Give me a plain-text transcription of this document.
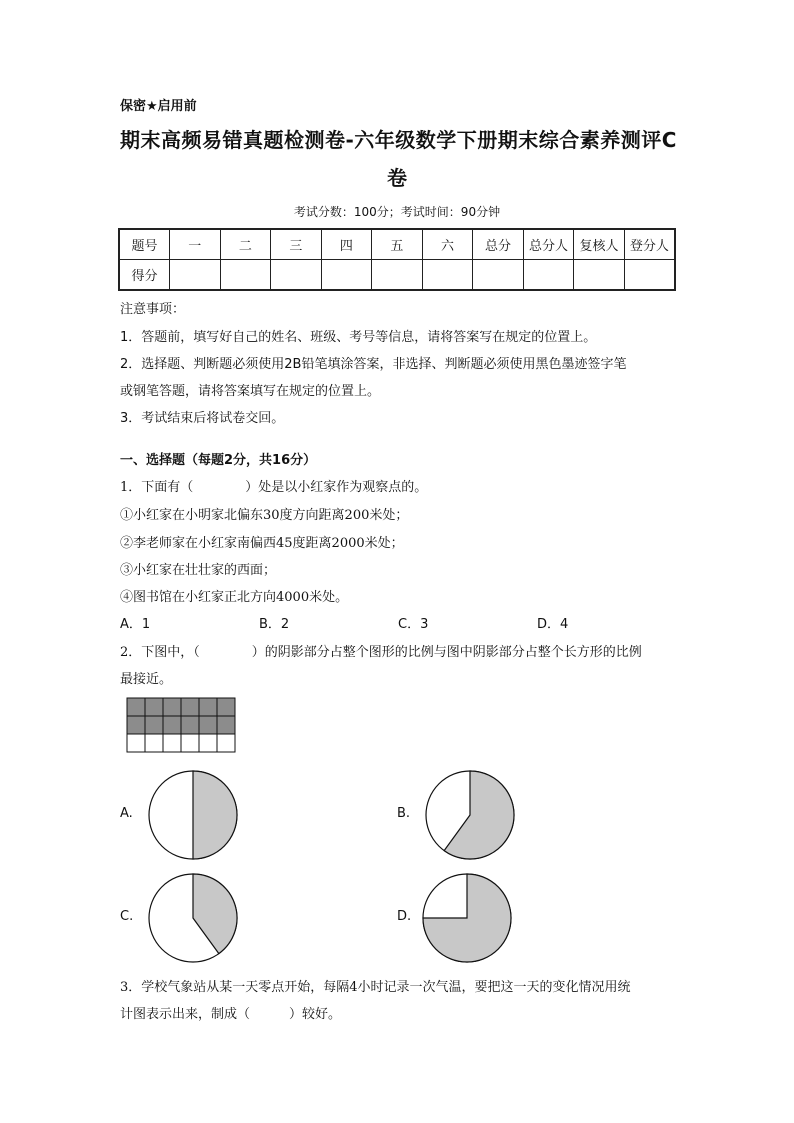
保密★启用前
期末高频易错真题检测卷-六年级数学下册期末综合素养测评C
卷
考试分数：100分；考试时间：90分钟
题号	一	二	三	四	五	六	总分	总分人	复核人	登分人
得分										
注意事项：
1．答题前，填写好自己的姓名、班级、考号等信息，请将答案写在规定的位置上。
2．选择题、判断题必须使用2B铅笔填涂答案，非选择、判断题必须使用黑色墨迹签字笔
或钢笔答题，请将答案填写在规定的位置上。
3．考试结束后将试卷交回。
一、选择题（每题2分，共16分）
1．下面有（　　　　）处是以小红家作为观察点的。
①小红家在小明家北偏东30度方向距离200米处；
②李老师家在小红家南偏西45度距离2000米处；
③小红家在壮壮家的西面；
④图书馆在小红家正北方向4000米处。
A．1	B．2	C．3	D．4
2．下图中，（　　　　）的阴影部分占整个图形的比例与图中阴影部分占整个长方形的比例
最接近。
A.	B.
C.	D.
3．学校气象站从某一天零点开始，每隔4小时记录一次气温，要把这一天的变化情况用统
计图表示出来，制成（　　　）较好。
